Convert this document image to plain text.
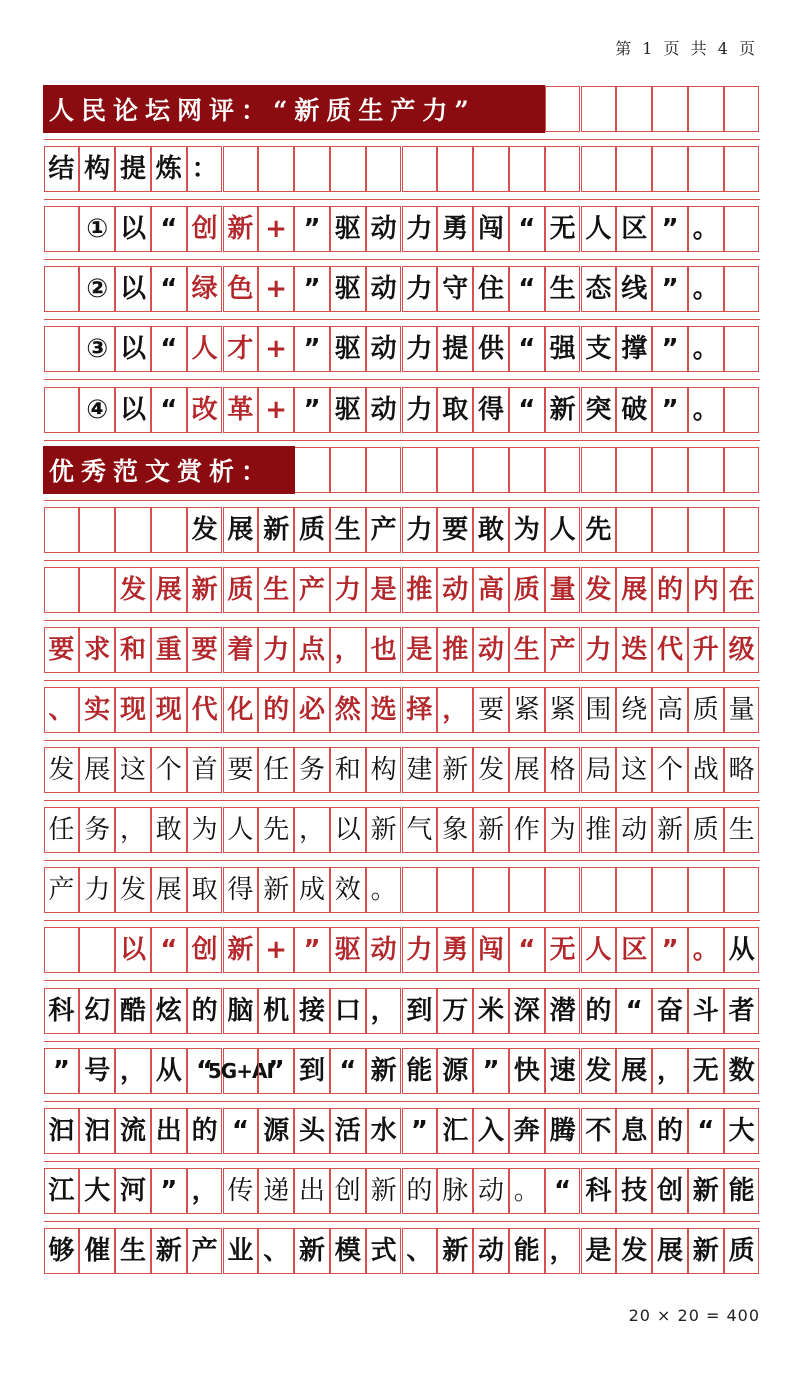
第 1 页 共 4 页
人民论坛网评：“新质生产力”
结 构 提 炼 ：
① 以 “ 创 新 + ” 驱 动 力 勇 闯 “ 无 人 区 ” 。
② 以 “ 绿 色 + ” 驱 动 力 守 住 “ 生 态 线 ” 。
③ 以 “ 人 才 + ” 驱 动 力 提 供 “ 强 支 撑 ” 。
④ 以 “ 改 革 + ” 驱 动 力 取 得 “ 新 突 破 ” 。
优秀范文赏析：
发 展 新 质 生 产 力 要 敢 为 人 先
发 展 新 质 生 产 力 是 推 动 高 质 量 发 展 的 内 在
要 求 和 重 要 着 力 点 ， 也 是 推 动 生 产 力 迭 代 升 级
、 实 现 现 代 化 的 必 然 选 择 ， 要 紧 紧 围 绕 高 质 量
发 展 这 个 首 要 任 务 和 构 建 新 发 展 格 局 这 个 战 略
任 务 ， 敢 为 人 先 ， 以 新 气 象 新 作 为 推 动 新 质 生
产 力 发 展 取 得 新 成 效 。
以 “ 创 新 + ” 驱 动 力 勇 闯 “ 无 人 区 ” 。 从
科 幻 酷 炫 的 脑 机 接 口 ， 到 万 米 深 潜 的 “ 奋 斗 者
” 号 ， 从 “
5G+AI
” 到 “ 新 能 源 ” 快 速 发 展 ， 无 数
汩 汩 流 出 的 “ 源 头 活 水 ” 汇 入 奔 腾 不 息 的 “ 大
江 大 河 ” ， 传 递 出 创 新 的 脉 动 。 “ 科 技 创 新 能
够 催 生 新 产 业 、 新 模 式 、 新 动 能 ， 是 发 展 新 质
20 × 20 = 400
